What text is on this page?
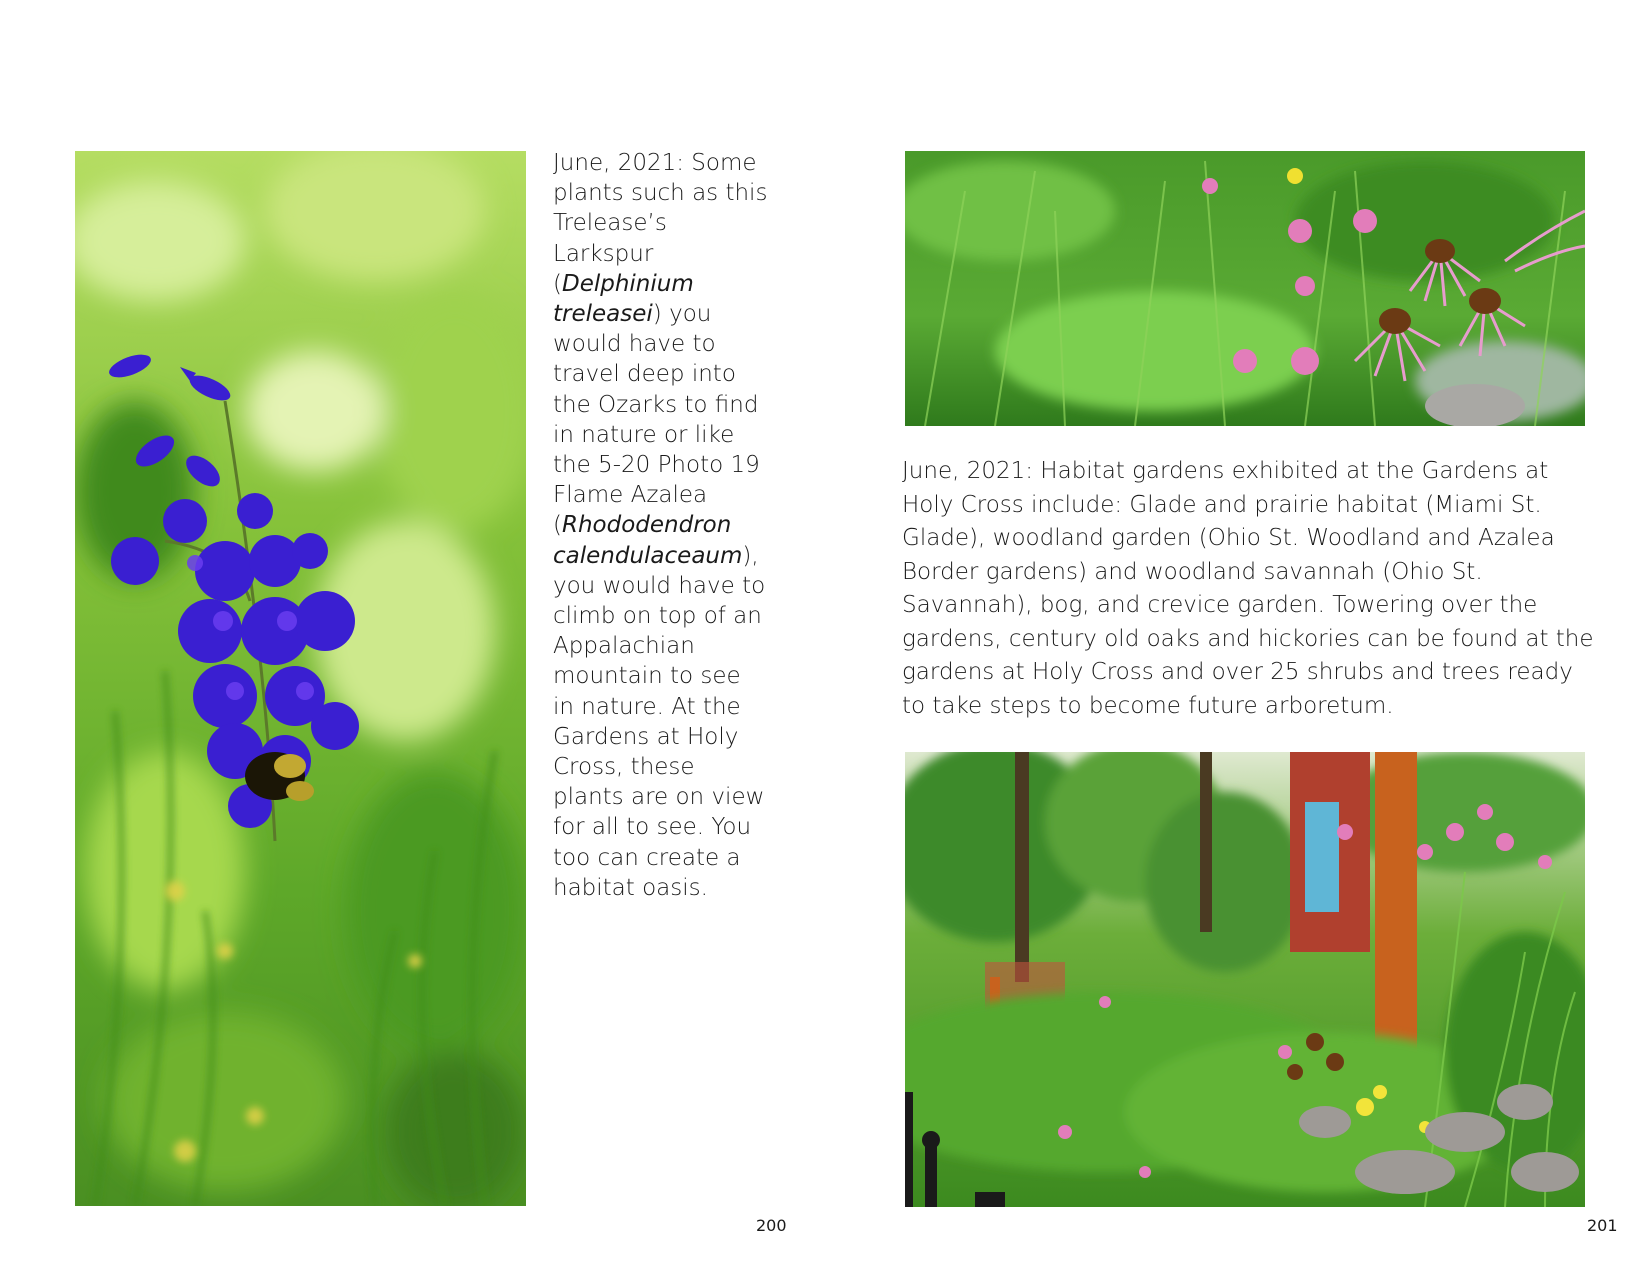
June, 2021: Some plants such as this Trelease’s Larkspur (Delphinium treleasei) you would have to travel deep into the Ozarks to find in nature or like the 5-20 Photo 19 Flame Azalea (Rhododendron calendulaceaum), you would have to climb on top of an Appalachian mountain to see in nature. At the Gardens at Holy Cross, these plants are on view for all to see. You too can create a habitat oasis.

200

June, 2021: Habitat gardens exhibited at the Gardens at Holy Cross include: Glade and prairie habitat (Miami St. Glade), woodland garden (Ohio St. Woodland and Azalea Border gardens) and woodland savannah (Ohio St. Savannah), bog, and crevice garden. Towering over the gardens, century old oaks and hickories can be found at the gardens at Holy Cross and over 25 shrubs and trees ready to take steps to become future arboretum.

201
